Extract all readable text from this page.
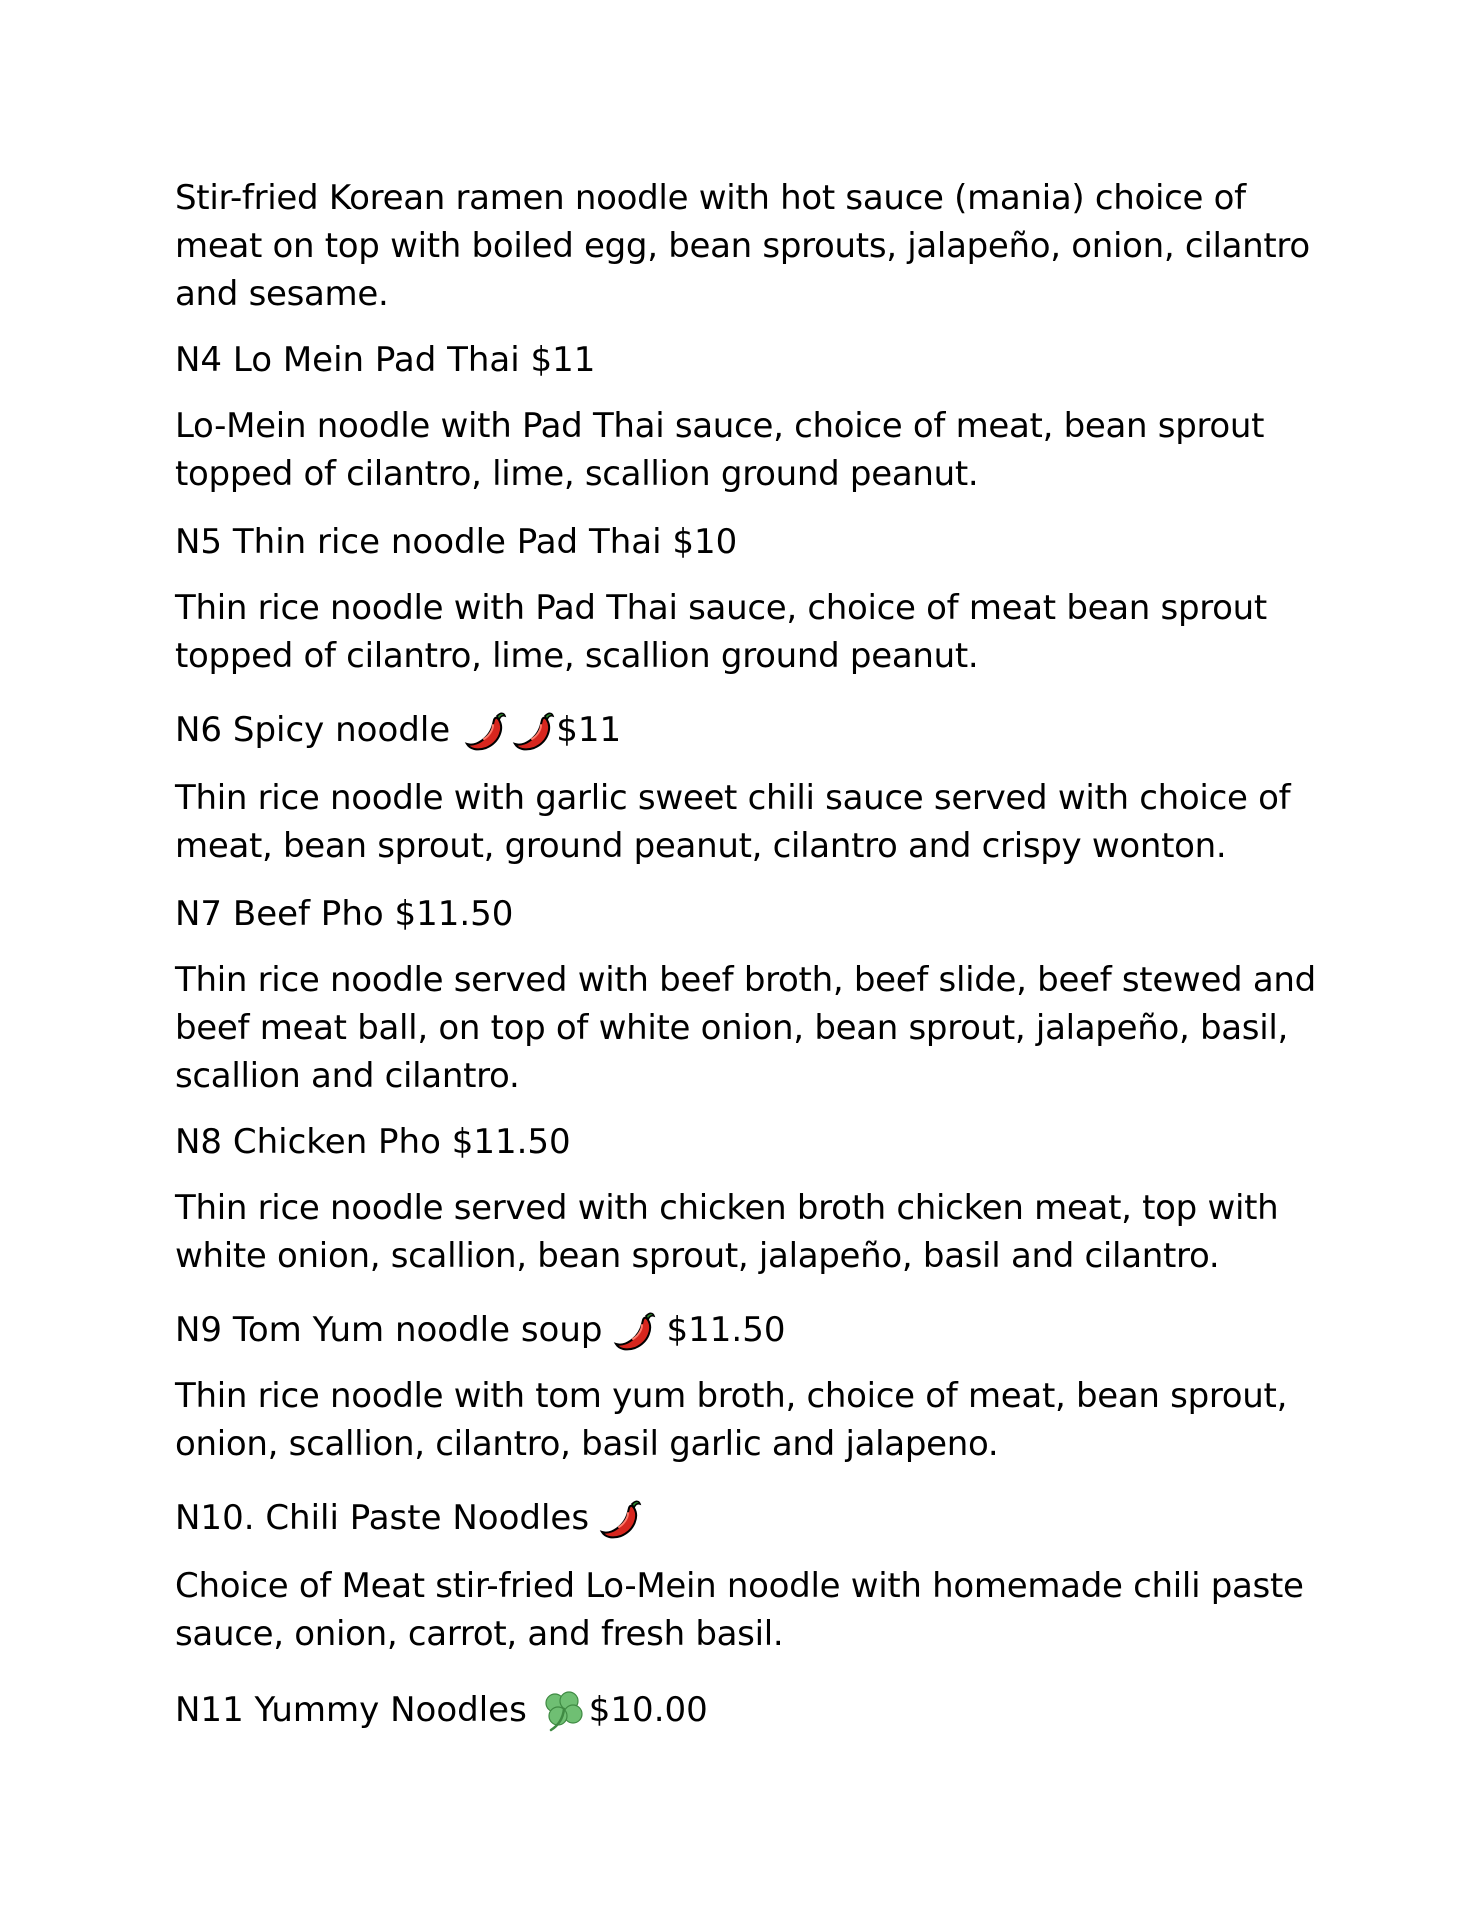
Stir-fried Korean ramen noodle with hot sauce (mania) choice of
meat on top with boiled egg, bean sprouts, jalapeño, onion, cilantro
and sesame.
N4 Lo Mein Pad Thai $11
Lo-Mein noodle with Pad Thai sauce, choice of meat, bean sprout
topped of cilantro, lime, scallion ground peanut.
N5 Thin rice noodle Pad Thai $10
Thin rice noodle with Pad Thai sauce, choice of meat bean sprout
topped of cilantro, lime, scallion ground peanut.
N6 Spicy noodle	$11
Thin rice noodle with garlic sweet chili sauce served with choice of
meat, bean sprout, ground peanut, cilantro and crispy wonton.
N7 Beef Pho $11.50
Thin rice noodle served with beef broth, beef slide, beef stewed and
beef meat ball, on top of white onion, bean sprout, jalapeño, basil,
scallion and cilantro.
N8 Chicken Pho $11.50
Thin rice noodle served with chicken broth chicken meat, top with
white onion, scallion, bean sprout, jalapeño, basil and cilantro.
N9 Tom Yum noodle soup $11.50
Thin rice noodle with tom yum broth, choice of meat, bean sprout,
onion, scallion, cilantro, basil garlic and jalapeno.
N10. Chili Paste Noodles
Choice of Meat stir-fried Lo-Mein noodle with homemade chili paste
sauce, onion, carrot, and fresh basil.
N11 Yummy Noodles $10.00
